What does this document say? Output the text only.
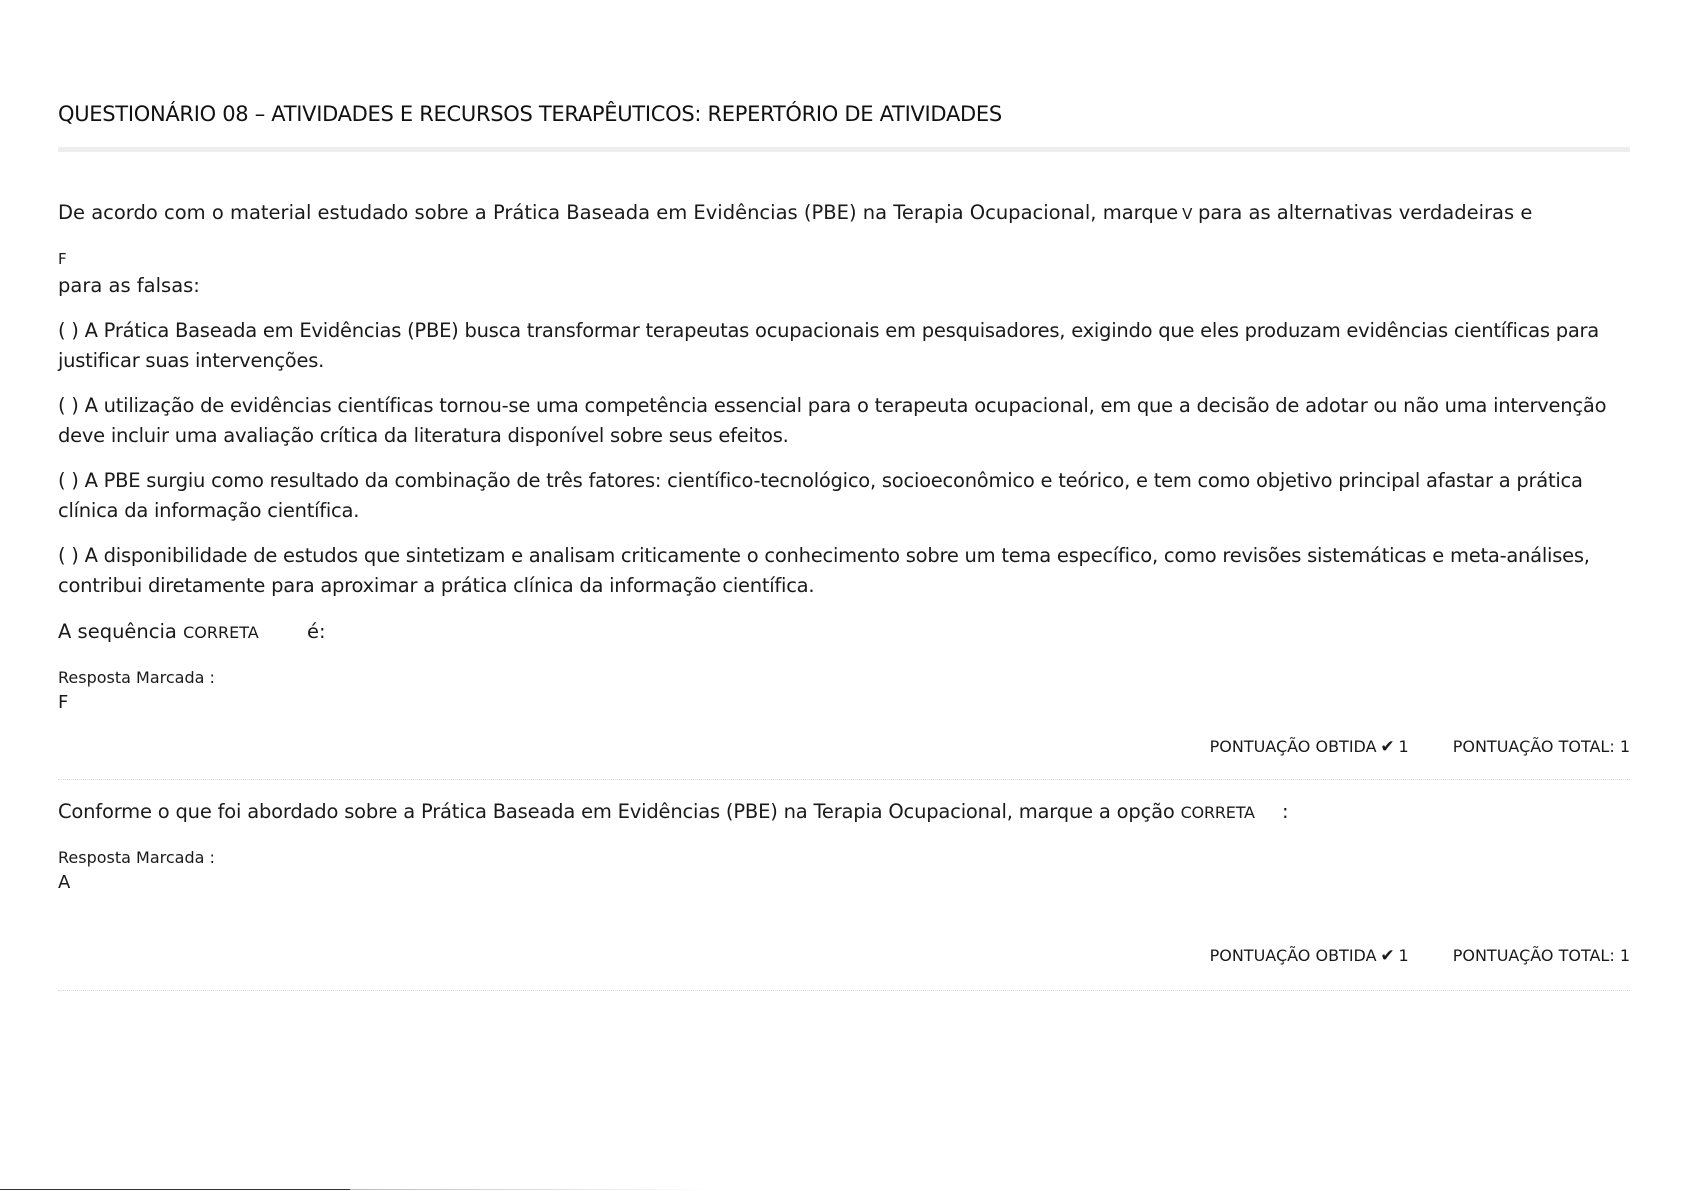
QUESTIONÁRIO 08 – ATIVIDADES E RECURSOS TERAPÊUTICOS: REPERTÓRIO DE ATIVIDADES
De acordo com o material estudado sobre a Prática Baseada em Evidências (PBE) na Terapia Ocupacional, marque V para as alternativas verdadeiras e
F
para as falsas:

( ) A Prática Baseada em Evidências (PBE) busca transformar terapeutas ocupacionais em pesquisadores, exigindo que eles produzam evidências científicas para justificar suas intervenções.

( ) A utilização de evidências científicas tornou-se uma competência essencial para o terapeuta ocupacional, em que a decisão de adotar ou não uma intervenção deve incluir uma avaliação crítica da literatura disponível sobre seus efeitos.

( ) A PBE surgiu como resultado da combinação de três fatores: científico-tecnológico, socioeconômico e teórico, e tem como objetivo principal afastar a prática clínica da informação científica.

( ) A disponibilidade de estudos que sintetizam e analisam criticamente o conhecimento sobre um tema específico, como revisões sistemáticas e meta-análises, contribui diretamente para aproximar a prática clínica da informação científica.

A sequência CORRETA é:
Resposta Marcada :
F
PONTUAÇÃO OBTIDA ✔ 1	PONTUAÇÃO TOTAL: 1
Conforme o que foi abordado sobre a Prática Baseada em Evidências (PBE) na Terapia Ocupacional, marque a opção CORRETA :
Resposta Marcada :
A
PONTUAÇÃO OBTIDA ✔ 1	PONTUAÇÃO TOTAL: 1
